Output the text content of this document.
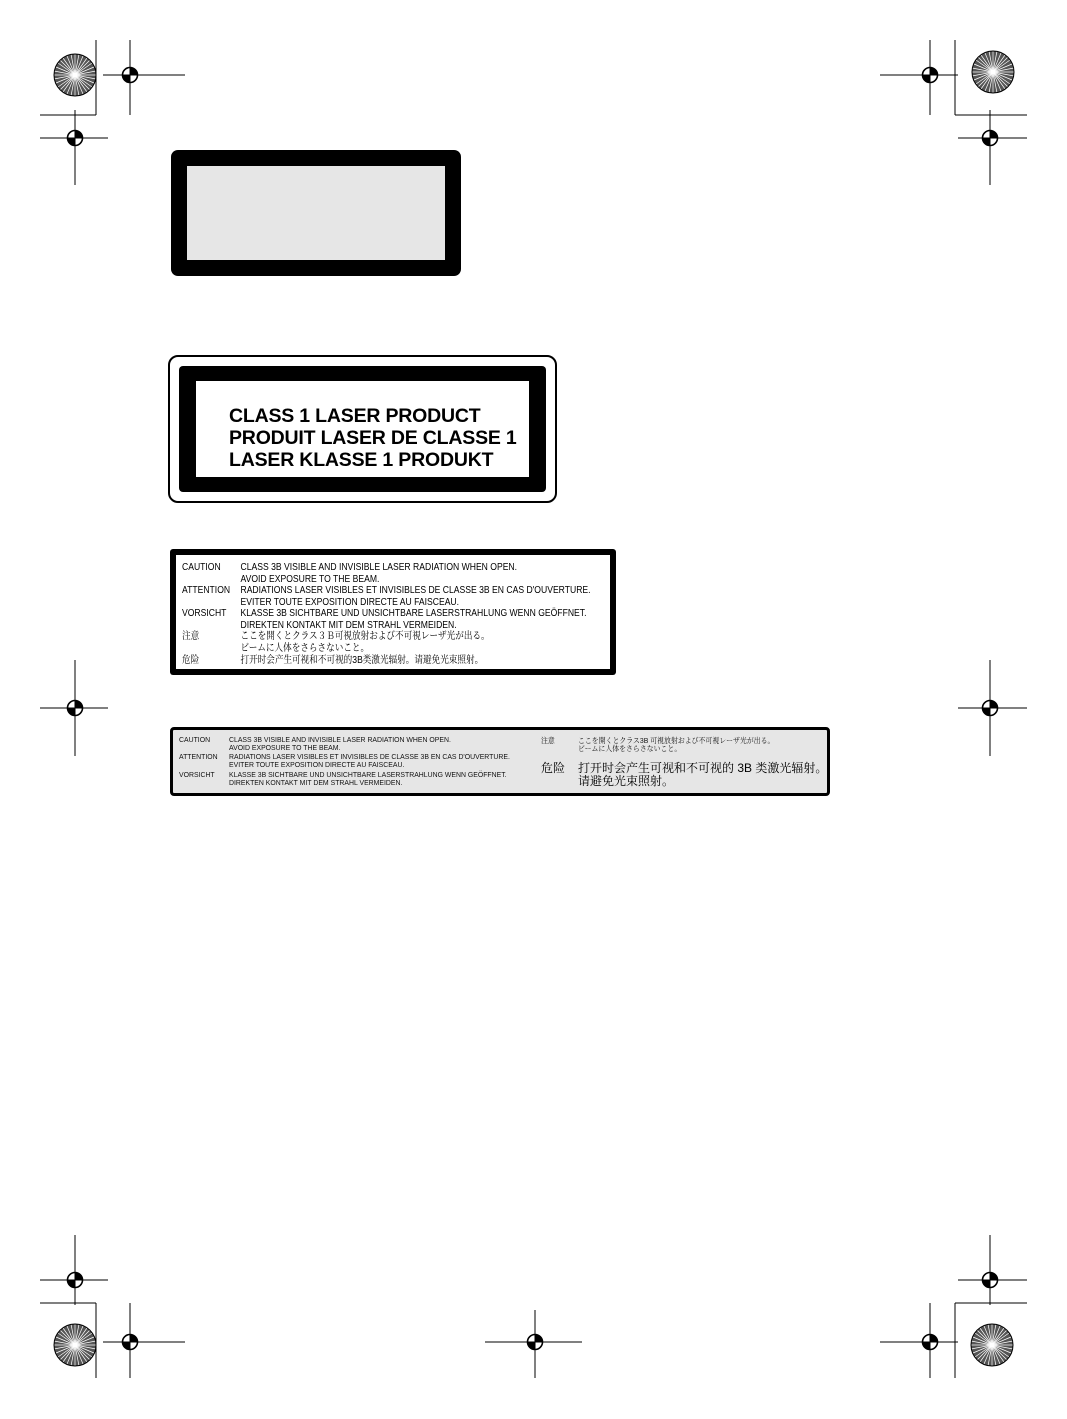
CLASS 1 LASER PRODUCT
PRODUIT LASER DE CLASSE 1
LASER KLASSE 1 PRODUKT
CAUTION CLASS 3B VISIBLE AND INVISIBLE LASER RADIATION WHEN OPEN.
AVOID EXPOSURE TO THE BEAM.
ATTENTION RADIATIONS LASER VISIBLES ET INVISIBLES DE CLASSE 3B EN CAS D'OUVERTURE.
EVITER TOUTE EXPOSITION DIRECTE AU FAISCEAU.
VORSICHT KLASSE 3B SICHTBARE UND UNSICHTBARE LASERSTRAHLUNG WENN GEÖFFNET.
DIREKTEN KONTAKT MIT DEM STRAHL VERMEIDEN.
注意	ここを開くとクラス３Ｂ可視放射および不可視レーザ光が出る。
ビームに人体をさらさないこと。
危险	打开时会产生可视和不可视的3B类激光辐射。请避免光束照射。
CAUTION	CLASS 3B VISIBLE AND INVISIBLE LASER RADIATION WHEN OPEN.
AVOID EXPOSURE TO THE BEAM.
ATTENTION RADIATIONS LASER VISIBLES ET INVISIBLES DE CLASSE 3B EN CAS D'OUVERTURE.
EVITER TOUTE EXPOSITION DIRECTE AU FAISCEAU.
VORSICHT KLASSE 3B SICHTBARE UND UNSICHTBARE LASERSTRAHLUNG WENN GEÖFFNET.
DIREKTEN KONTAKT MIT DEM STRAHL VERMEIDEN.
注意	ここを開くとクラス3B 可視放射および不可視レーザ光が出る。
ビームに人体をさらさないこと。
危险 打开时会产生可视和不可视的 3B 类激光辐射。
请避免光束照射。
